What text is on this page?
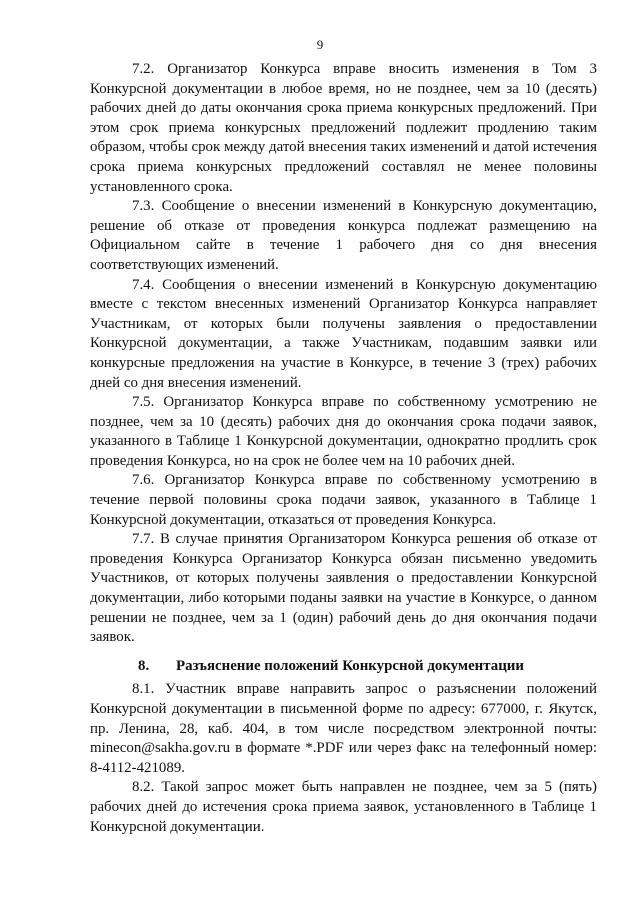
9

7.2. Организатор Конкурса вправе вносить изменения в Том 3 Конкурсной документации в любое время, но не позднее, чем за 10 (десять) рабочих дней до даты окончания срока приема конкурсных предложений. При этом срок приема конкурсных предложений подлежит продлению таким образом, чтобы срок между датой внесения таких изменений и датой истечения срока приема конкурсных предложений составлял не менее половины установленного срока.

7.3. Сообщение о внесении изменений в Конкурсную документацию, решение об отказе от проведения конкурса подлежат размещению на Официальном сайте в течение 1 рабочего дня со дня внесения соответствующих изменений.

7.4. Сообщения о внесении изменений в Конкурсную документацию вместе с текстом внесенных изменений Организатор Конкурса направляет Участникам, от которых были получены заявления о предоставлении Конкурсной документации, а также Участникам, подавшим заявки или конкурсные предложения на участие в Конкурсе, в течение 3 (трех) рабочих дней со дня внесения изменений.

7.5. Организатор Конкурса вправе по собственному усмотрению не позднее, чем за 10 (десять) рабочих дня до окончания срока подачи заявок, указанного в Таблице 1 Конкурсной документации, однократно продлить срок проведения Конкурса, но на срок не более чем на 10 рабочих дней.

7.6. Организатор Конкурса вправе по собственному усмотрению в течение первой половины срока подачи заявок, указанного в Таблице 1 Конкурсной документации, отказаться от проведения Конкурса.

7.7. В случае принятия Организатором Конкурса решения об отказе от проведения Конкурса Организатор Конкурса обязан письменно уведомить Участников, от которых получены заявления о предоставлении Конкурсной документации, либо которыми поданы заявки на участие в Конкурсе, о данном решении не позднее, чем за 1 (один) рабочий день до дня окончания подачи заявок.

8. Разъяснение положений Конкурсной документации

8.1. Участник вправе направить запрос о разъяснении положений Конкурсной документации в письменной форме по адресу: 677000, г. Якутск, пр. Ленина, 28, каб. 404, в том числе посредством электронной почты: minecon@sakha.gov.ru в формате *.PDF или через факс на телефонный номер: 8-4112-421089.

8.2. Такой запрос может быть направлен не позднее, чем за 5 (пять) рабочих дней до истечения срока приема заявок, установленного в Таблице 1 Конкурсной документации.
